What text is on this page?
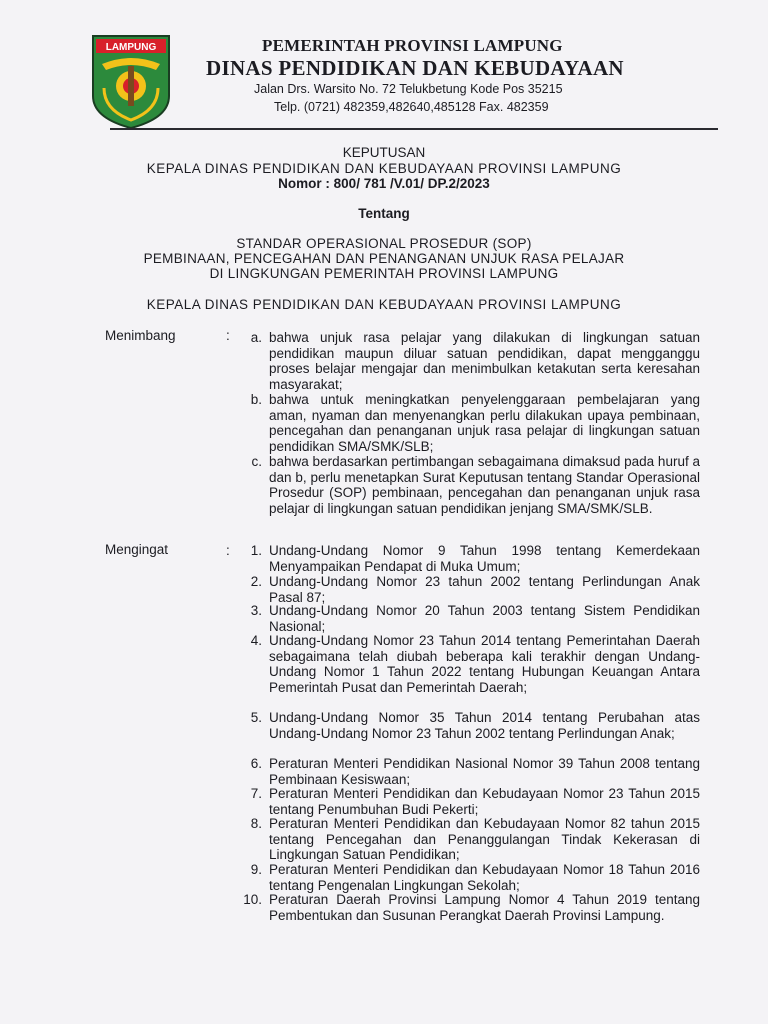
LAMPUNG	PEMERINTAH PROVINSI LAMPUNG
DINAS PENDIDIKAN DAN KEBUDAYAAN
Jalan Drs. Warsito No. 72 Telukbetung Kode Pos 35215
Telp. (0721) 482359,482640,485128 Fax. 482359
KEPUTUSAN
KEPALA DINAS PENDIDIKAN DAN KEBUDAYAAN PROVINSI LAMPUNG
Nomor : 800/ 781 /V.01/ DP.2/2023
Tentang
STANDAR OPERASIONAL PROSEDUR (SOP)
PEMBINAAN, PENCEGAHAN DAN PENANGANAN UNJUK RASA PELAJAR
DI LINGKUNGAN PEMERINTAH PROVINSI LAMPUNG
KEPALA DINAS PENDIDIKAN DAN KEBUDAYAAN PROVINSI LAMPUNG
Menimbang	:	a. bahwa unjuk rasa pelajar yang dilakukan di lingkungan satuan pendidikan maupun diluar satuan pendidikan, dapat mengganggu proses belajar mengajar dan menimbulkan ketakutan serta keresahan masyarakat;
b. bahwa untuk meningkatkan penyelenggaraan pembelajaran yang aman, nyaman dan menyenangkan perlu dilakukan upaya pembinaan, pencegahan dan penanganan unjuk rasa pelajar di lingkungan satuan pendidikan SMA/SMK/SLB;
c. bahwa berdasarkan pertimbangan sebagaimana dimaksud pada huruf a dan b, perlu menetapkan Surat Keputusan tentang Standar Operasional Prosedur (SOP) pembinaan, pencegahan dan penanganan unjuk rasa pelajar di lingkungan satuan pendidikan jenjang SMA/SMK/SLB.
Mengingat	:	1. Undang-Undang Nomor 9 Tahun 1998 tentang Kemerdekaan Menyampaikan Pendapat di Muka Umum;
2. Undang-Undang Nomor 23 tahun 2002 tentang Perlindungan Anak Pasal 87;
3. Undang-Undang Nomor 20 Tahun 2003 tentang Sistem Pendidikan Nasional;
4. Undang-Undang Nomor 23 Tahun 2014 tentang Pemerintahan Daerah sebagaimana telah diubah beberapa kali terakhir dengan Undang-Undang Nomor 1 Tahun 2022 tentang Hubungan Keuangan Antara Pemerintah Pusat dan Pemerintah Daerah;
5. Undang-Undang Nomor 35 Tahun 2014 tentang Perubahan atas Undang-Undang Nomor 23 Tahun 2002 tentang Perlindungan Anak;
6. Peraturan Menteri Pendidikan Nasional Nomor 39 Tahun 2008 tentang Pembinaan Kesiswaan;
7. Peraturan Menteri Pendidikan dan Kebudayaan Nomor 23 Tahun 2015 tentang Penumbuhan Budi Pekerti;
8. Peraturan Menteri Pendidikan dan Kebudayaan Nomor 82 tahun 2015 tentang Pencegahan dan Penanggulangan Tindak Kekerasan di Lingkungan Satuan Pendidikan;
9. Peraturan Menteri Pendidikan dan Kebudayaan Nomor 18 Tahun 2016 tentang Pengenalan Lingkungan Sekolah;
10. Peraturan Daerah Provinsi Lampung Nomor 4 Tahun 2019 tentang Pembentukan dan Susunan Perangkat Daerah Provinsi Lampung.
